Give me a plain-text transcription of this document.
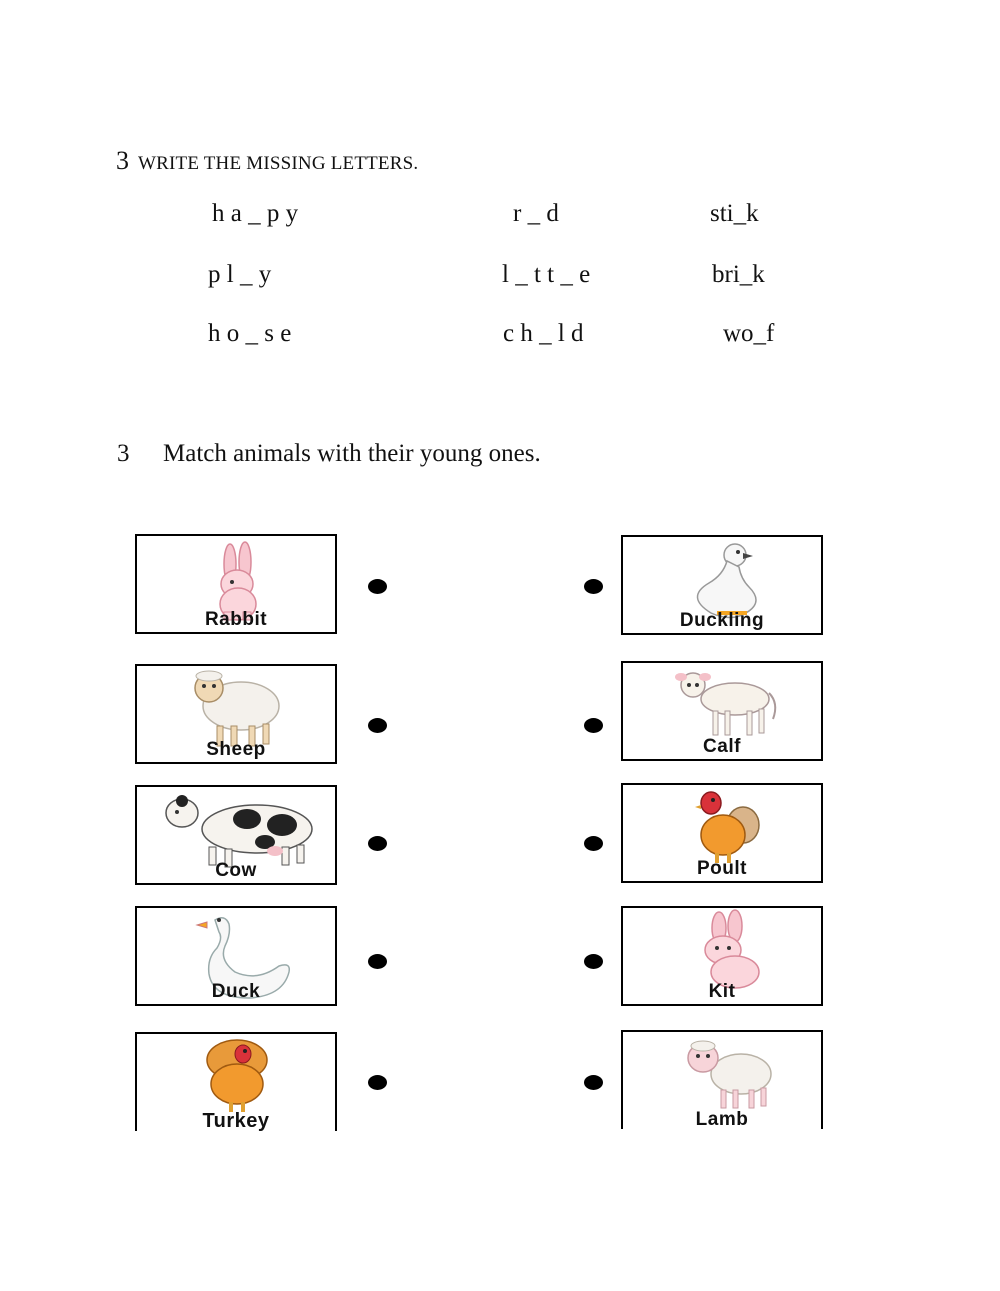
3 WRITE THE MISSING LETTERS.
h a _ p y	r _ d	sti_k
p l _ y	l _ t t _ e	bri_k
h o _ s e	c h _ l d	wo_f
3 Match animals with their young ones.
Rabbit
Sheep
Cow
Duck
Turkey
Duckling
Calf
Poult
Kit
Lamb
